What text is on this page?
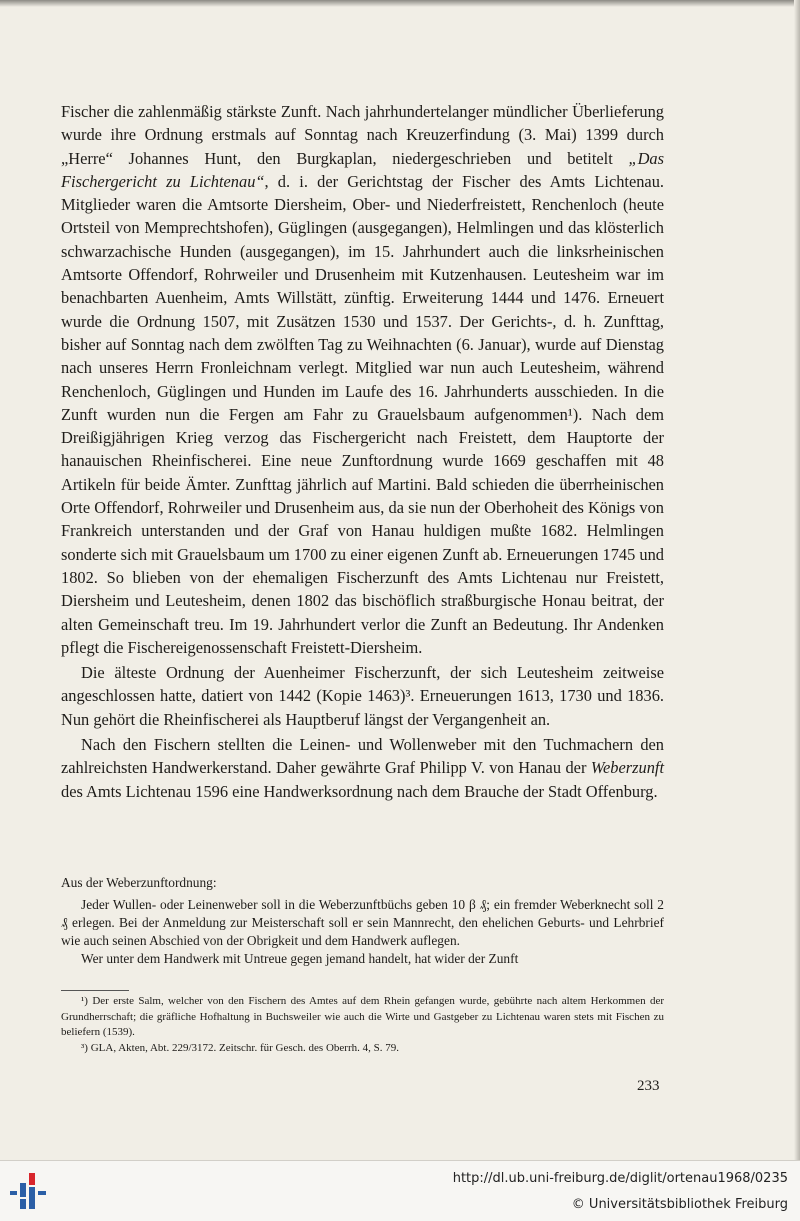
Fischer die zahlenmäßig stärkste Zunft. Nach jahrhundertelanger mündlicher Überlieferung wurde ihre Ordnung erstmals auf Sonntag nach Kreuzerfindung (3. Mai) 1399 durch „Herre“ Johannes Hunt, den Burgkaplan, niedergeschrieben und betitelt „Das Fischergericht zu Lichtenau“, d. i. der Gerichtstag der Fischer des Amts Lichtenau. Mitglieder waren die Amtsorte Diersheim, Ober- und Niederfreistett, Renchenloch (heute Ortsteil von Memprechtshofen), Güglingen (ausgegangen), Helmlingen und das klösterlich schwarzachische Hunden (ausgegangen), im 15. Jahrhundert auch die linksrheinischen Amtsorte Offendorf, Rohrweiler und Drusenheim mit Kutzenhausen. Leutesheim war im benachbarten Auenheim, Amts Willstätt, zünftig. Erweiterung 1444 und 1476. Erneuert wurde die Ordnung 1507, mit Zusätzen 1530 und 1537. Der Gerichts-, d. h. Zunfttag, bisher auf Sonntag nach dem zwölften Tag zu Weihnachten (6. Januar), wurde auf Dienstag nach unseres Herrn Fronleichnam verlegt. Mitglied war nun auch Leutesheim, während Renchenloch, Güglingen und Hunden im Laufe des 16. Jahrhunderts ausschieden. In die Zunft wurden nun die Fergen am Fahr zu Grauelsbaum aufgenommen¹). Nach dem Dreißigjährigen Krieg verzog das Fischergericht nach Freistett, dem Hauptorte der hanauischen Rheinfischerei. Eine neue Zunftordnung wurde 1669 geschaffen mit 48 Artikeln für beide Ämter. Zunfttag jährlich auf Martini. Bald schieden die überrheinischen Orte Offendorf, Rohrweiler und Drusenheim aus, da sie nun der Oberhoheit des Königs von Frankreich unterstanden und der Graf von Hanau huldigen mußte 1682. Helmlingen sonderte sich mit Grauelsbaum um 1700 zu einer eigenen Zunft ab. Erneuerungen 1745 und 1802. So blieben von der ehemaligen Fischerzunft des Amts Lichtenau nur Freistett, Diersheim und Leutesheim, denen 1802 das bischöflich straßburgische Honau beitrat, der alten Gemeinschaft treu. Im 19. Jahrhundert verlor die Zunft an Bedeutung. Ihr Andenken pflegt die Fischereigenossenschaft Freistett-Diersheim.

Die älteste Ordnung der Auenheimer Fischerzunft, der sich Leutesheim zeitweise angeschlossen hatte, datiert von 1442 (Kopie 1463)³. Erneuerungen 1613, 1730 und 1836. Nun gehört die Rheinfischerei als Hauptberuf längst der Vergangenheit an.

Nach den Fischern stellten die Leinen- und Wollenweber mit den Tuchmachern den zahlreichsten Handwerkerstand. Daher gewährte Graf Philipp V. von Hanau der Weberzunft des Amts Lichtenau 1596 eine Handwerksordnung nach dem Brauche der Stadt Offenburg.

Aus der Weberzunftordnung:

Jeder Wullen- oder Leinenweber soll in die Weberzunftbüchs geben 10 β ₰; ein fremder Weberknecht soll 2 ₰ erlegen. Bei der Anmeldung zur Meisterschaft soll er sein Mannrecht, den ehelichen Geburts- und Lehrbrief wie auch seinen Abschied von der Obrigkeit und dem Handwerk auflegen.

Wer unter dem Handwerk mit Untreue gegen jemand handelt, hat wider der Zunft

¹) Der erste Salm, welcher von den Fischern des Amtes auf dem Rhein gefangen wurde, gebührte nach altem Herkommen der Grundherrschaft; die gräfliche Hofhaltung in Buchsweiler wie auch die Wirte und Gastgeber zu Lichtenau waren stets mit Fischen zu beliefern (1539).

³) GLA, Akten, Abt. 229/3172. Zeitschr. für Gesch. des Oberrh. 4, S. 79.

233
http://dl.ub.uni-freiburg.de/diglit/ortenau1968/0235
© Universitätsbibliothek Freiburg
